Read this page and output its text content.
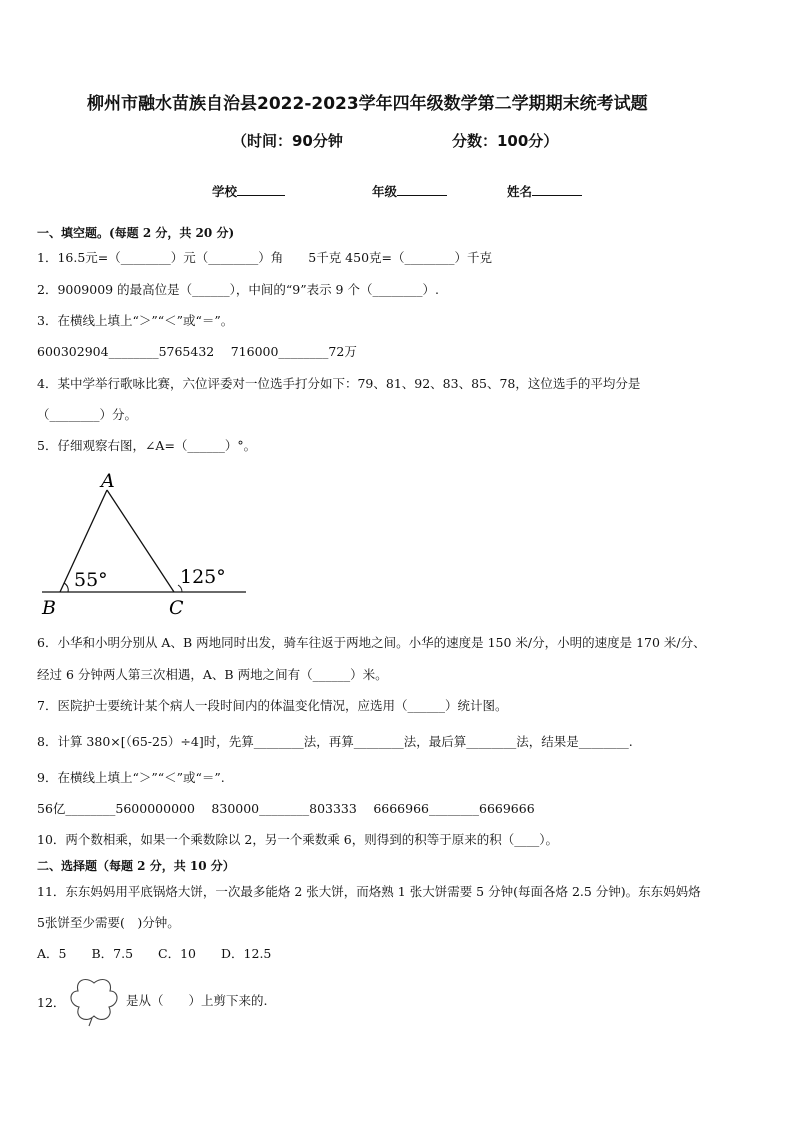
柳州市融水苗族自治县2022-2023学年四年级数学第二学期期末统考试题
（时间：90分钟	分数：100分）
学校	年级	姓名
一、填空题。(每题 2 分，共 20 分)
1．16.5元=（________）元（________）角　　5千克 450克=（________）千克
2．9009009 的最高位是（______），中间的“9”表示 9 个（________）.
3．在横线上填上“＞”“＜”或“＝”。
600302904________5765432　 716000________72万
4．某中学举行歌咏比赛，六位评委对一位选手打分如下：79、81、92、83、85、78，这位选手的平均分是
（________）分。
5．仔细观察右图，∠A=（______）°。
A
B	C
55°	125°
6．小华和小明分别从 A、B 两地同时出发，骑车往返于两地之间。小华的速度是 150 米/分，小明的速度是 170 米/分、
经过 6 分钟两人第三次相遇，A、B 两地之间有（______）米。
7．医院护士要统计某个病人一段时间内的体温变化情况，应选用（______）统计图。
8．计算 380×[（65-25）÷4]时，先算________法，再算________法，最后算________法，结果是________.
9．在横线上填上“＞”“＜”或“＝”.
56亿________5600000000　 830000________803333　 6666966________6669666
10．两个数相乘，如果一个乘数除以 2，另一个乘数乘 6，则得到的积等于原来的积（____）。
二、选择题（每题 2 分，共 10 分）
11．东东妈妈用平底锅烙大饼，一次最多能烙 2 张大饼，而烙熟 1 张大饼需要 5 分钟(每面各烙 2.5 分钟)。东东妈妈烙
5张饼至少需要(　)分钟。
A．5　　B．7.5　　C．10　　D．12.5
12．	是从（　　）上剪下来的.
